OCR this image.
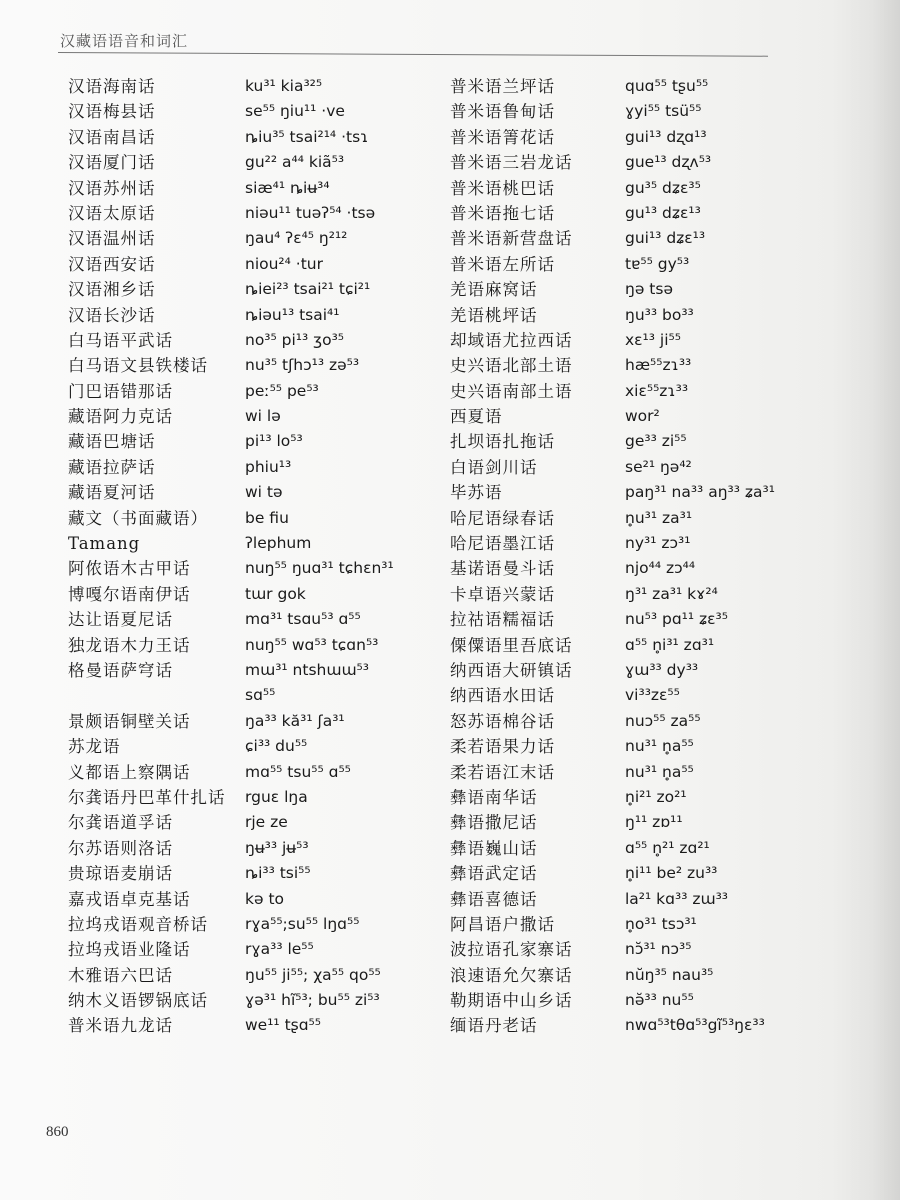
汉藏语语音和词汇
汉语海南话
汉语梅县话
汉语南昌话
汉语厦门话
汉语苏州话
汉语太原话
汉语温州话
汉语西安话
汉语湘乡话
汉语长沙话
白马语平武话
白马语文县铁楼话
门巴语错那话
藏语阿力克话
藏语巴塘话
藏语拉萨话
藏语夏河话
藏文（书面藏语）
Tamang
阿侬语木古甲话
博嘎尔语南伊话
达让语夏尼话
独龙语木力王话
格曼语萨穹话
景颇语铜壁关话
苏龙语
义都语上察隅话
尔龚语丹巴革什扎话
尔龚语道孚话
尔苏语则洛话
贵琼语麦崩话
嘉戎语卓克基话
拉坞戎语观音桥话
拉坞戎语业隆话
木雅语六巴话
纳木义语锣锅底话
普米语九龙话
ku³¹ kia³²⁵
se⁵⁵ ŋiu¹¹ ·ve
ȵiu³⁵ tsai²¹⁴ ·tsɿ
gu²² a⁴⁴ kiã⁵³
siæ⁴¹ ȵiʉ³⁴
niəu¹¹ tuəʔ⁵⁴ ·tsə
ŋau⁴ ʔɛ⁴⁵ ŋ²¹²
niou²⁴ ·tur
ȵiei²³ tsai²¹ tɕi²¹
ȵiəu¹³ tsai⁴¹
no³⁵ pi¹³ ʒo³⁵
nu³⁵ tʃhɔ¹³ zə⁵³
peː⁵⁵ pe⁵³
wi lə
pi¹³ lo⁵³
phiu¹³
wi tə
be fiu
ʔlephum
nuŋ⁵⁵ ŋuɑ³¹ tɕhɛn³¹
tɯr gok
mɑ³¹ tsɑu⁵³ ɑ⁵⁵
nuŋ⁵⁵ wɑ⁵³ tɕɑn⁵³
mɯ³¹ ntshɯɯ⁵³
sɑ⁵⁵
ŋa³³ kă³¹ ʃa³¹
ɕi³³ du⁵⁵
mɑ⁵⁵ tsu⁵⁵ ɑ⁵⁵
rguɛ lŋa
rje ze
ŋʉ³³ jʉ⁵³
ȵi³³ tsi⁵⁵
kə to
rɣa⁵⁵;su⁵⁵ lŋɑ⁵⁵
rɣa³³ le⁵⁵
ŋu⁵⁵ ji⁵⁵; χa⁵⁵ qo⁵⁵
ɣə³¹ hĩ⁵³; bu⁵⁵ zi⁵³
we¹¹ tʂɑ⁵⁵
普米语兰坪话
普米语鲁甸话
普米语箐花话
普米语三岩龙话
普米语桃巴话
普米语拖七话
普米语新营盘话
普米语左所话
羌语麻窝话
羌语桃坪话
却域语尤拉西话
史兴语北部土语
史兴语南部土语
西夏语
扎坝语扎拖话
白语剑川话
毕苏语
哈尼语绿春话
哈尼语墨江话
基诺语曼斗话
卡卓语兴蒙话
拉祜语糯福话
傈僳语里吾底话
纳西语大研镇话
纳西语水田话
怒苏语棉谷话
柔若语果力话
柔若语江末话
彝语南华话
彝语撒尼话
彝语巍山话
彝语武定话
彝语喜德话
阿昌语户撒话
波拉语孔家寨话
浪速语允欠寨话
勒期语中山乡话
缅语丹老话
quɑ⁵⁵ tʂu⁵⁵
ɣyi⁵⁵ tsü⁵⁵
gui¹³ dʐɑ¹³
gue¹³ dʐʌ⁵³
gu³⁵ dʑɛ³⁵
gu¹³ dʑɛ¹³
gui¹³ dʑɛ¹³
tɐ⁵⁵ gy⁵³
ŋə tsə
ŋu³³ bo³³
xɛ¹³ ji⁵⁵
hæ⁵⁵zɿ³³
xiɛ⁵⁵zɿ³³
wor²
ge³³ zi⁵⁵
se²¹ ŋə⁴²
paŋ³¹ na³³ aŋ³³ ʑa³¹
n̥u³¹ za³¹
ny³¹ zɔ³¹
njo⁴⁴ zɔ⁴⁴
ŋ³¹ za³¹ kɤ²⁴
nu⁵³ pɑ¹¹ ʑɛ³⁵
ɑ⁵⁵ n̥i³¹ zɑ³¹
ɣɯ³³ dy³³
vi³³zɛ⁵⁵
nuɔ⁵⁵ za⁵⁵
nu³¹ n̥a⁵⁵
nu³¹ n̥a⁵⁵
n̥i²¹ zo²¹
ŋ¹¹ zɒ¹¹
ɑ⁵⁵ n̥²¹ zɑ²¹
n̥i¹¹ be² zu³³
la²¹ kɑ³³ zɯ³³
n̥o³¹ tsɔ³¹
nɔ̆³¹ nɔ³⁵
nŭŋ³⁵ nau³⁵
nə̆³³ nu⁵⁵
nwɑ⁵³tθɑ⁵³gĩ⁵³ŋɛ³³
860
